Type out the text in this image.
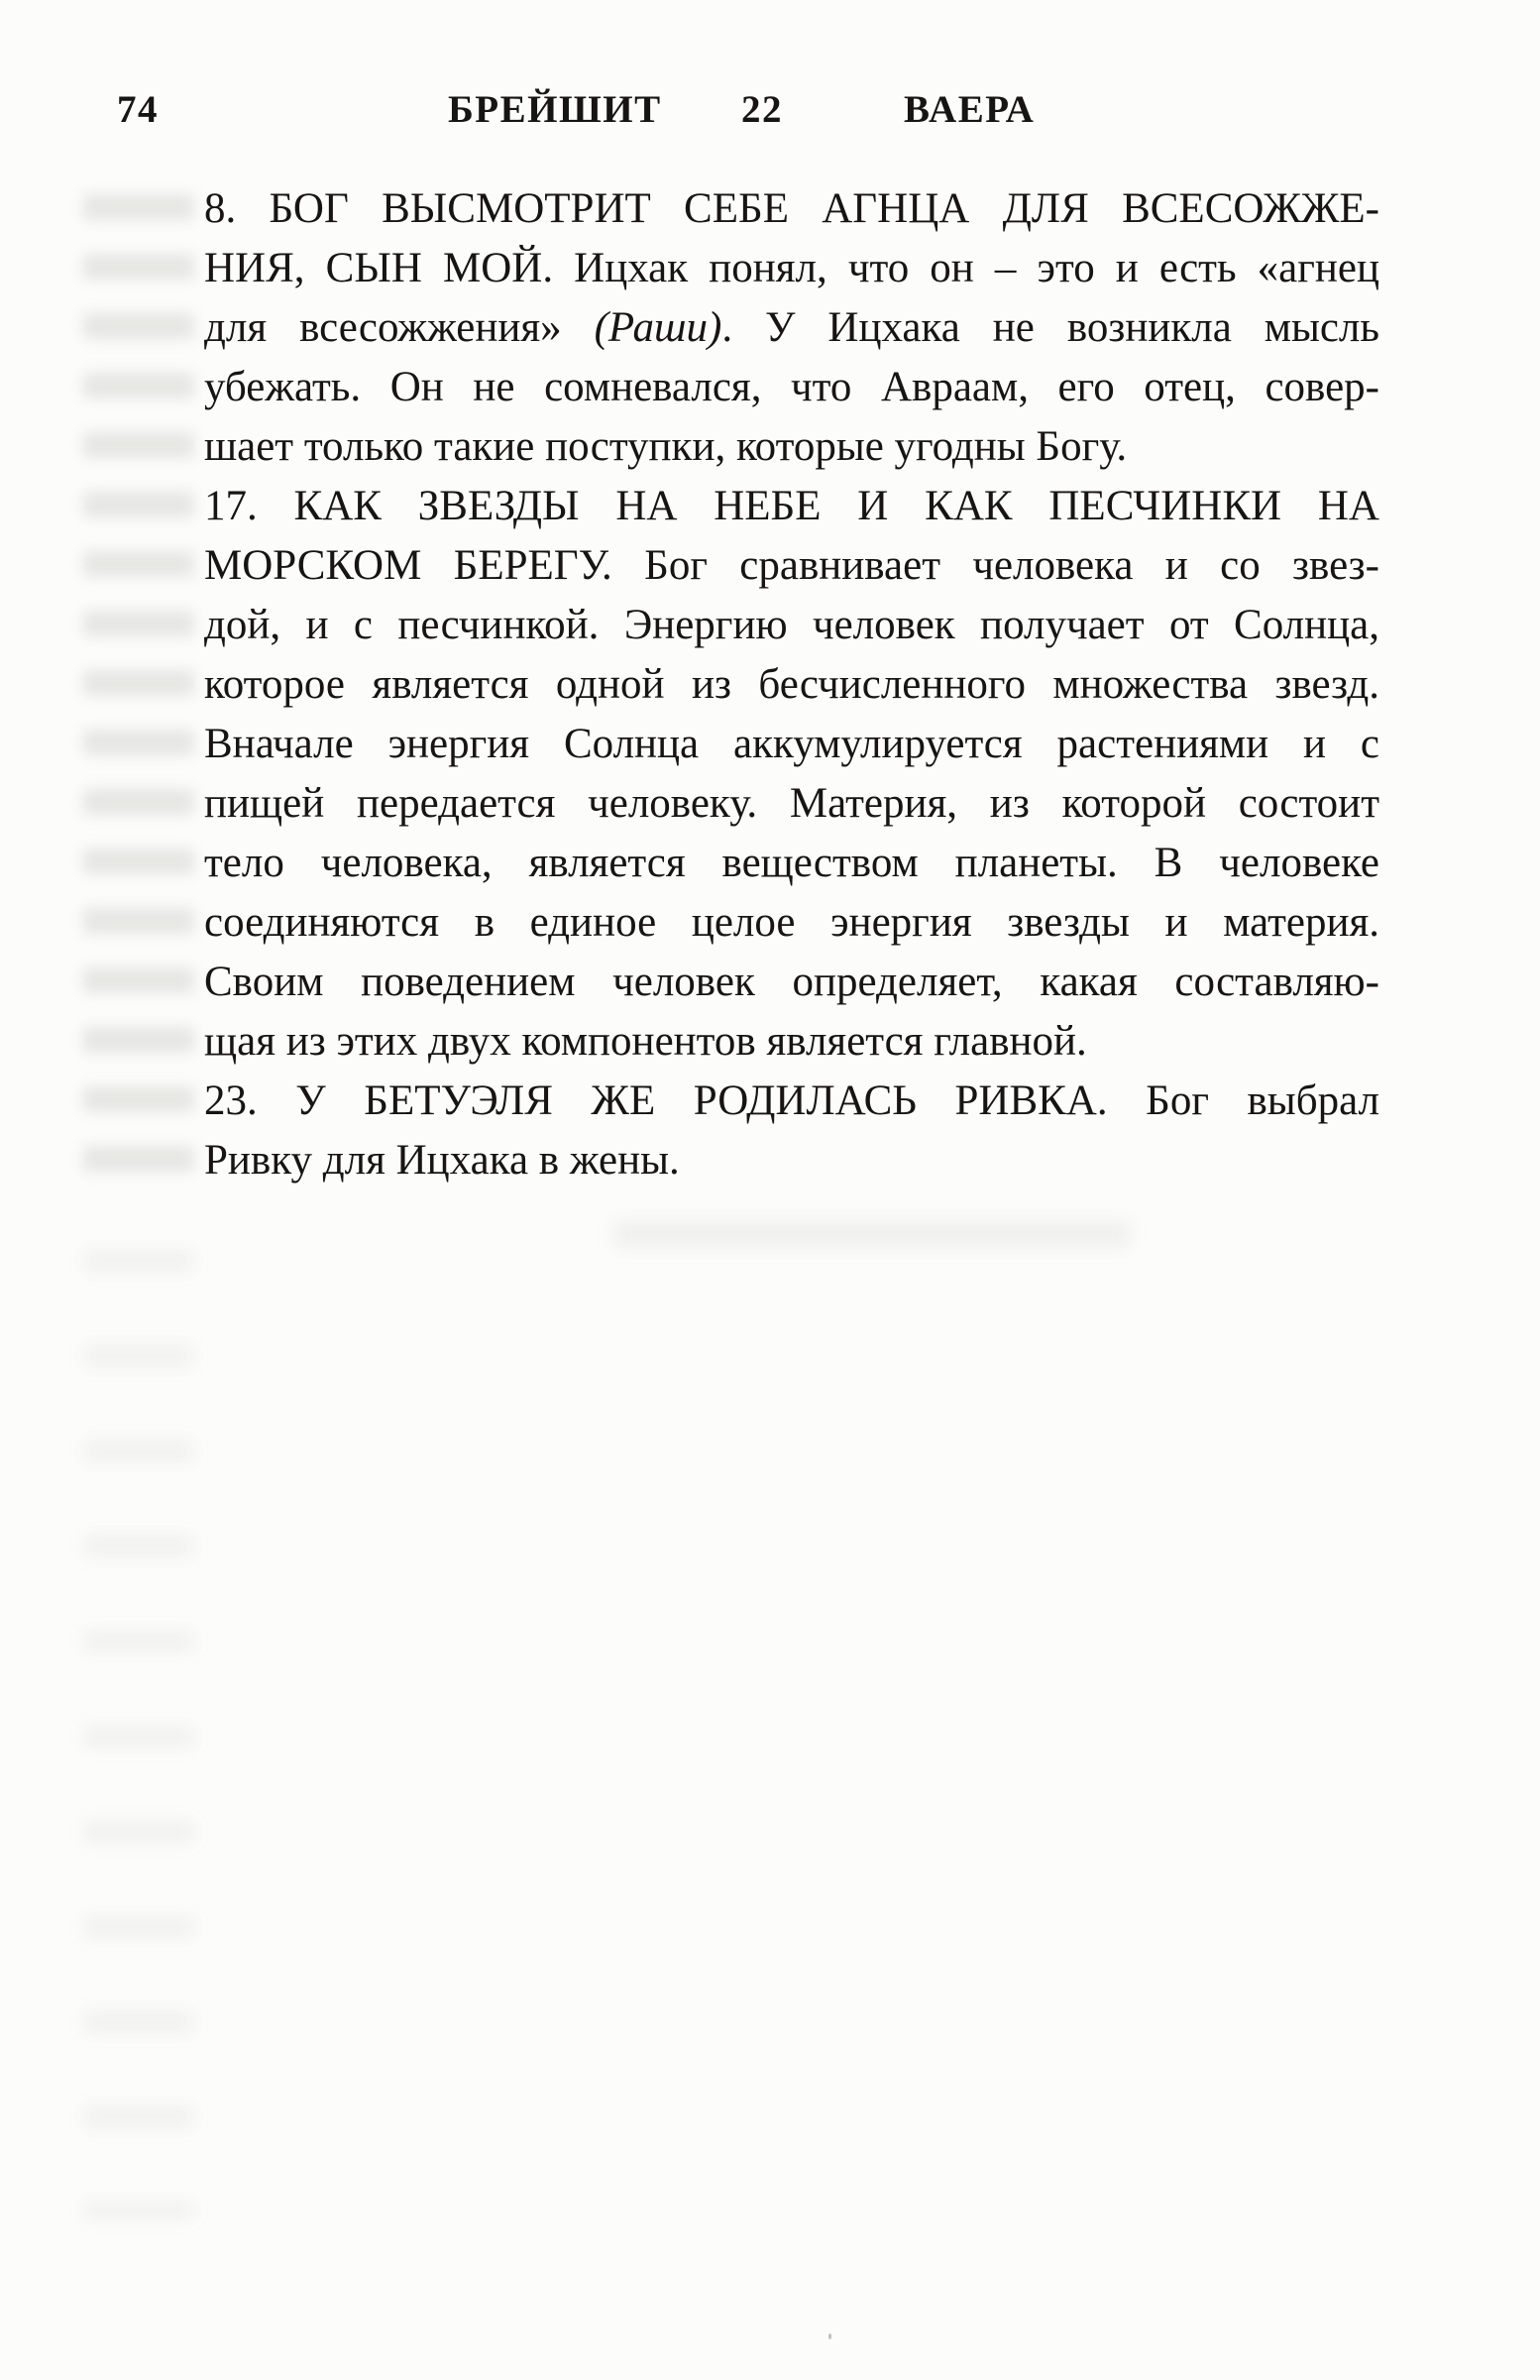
74	БРЕЙШИТ 22	ВАЕРА
8. БОГ ВЫСМОТРИТ СЕБЕ АГНЦА ДЛЯ ВСЕСОЖЖЕ-
НИЯ, СЫН МОЙ. Ицхак понял, что он – это и есть «агнец
для всесожжения» (Раши). У Ицхака не возникла мысль
убежать. Он не сомневался, что Авраам, его отец, совер-
шает только такие поступки, которые угодны Богу.
17. КАК ЗВЕЗДЫ НА НЕБЕ И КАК ПЕСЧИНКИ НА
МОРСКОМ БЕРЕГУ. Бог сравнивает человека и со звез-
дой, и с песчинкой. Энергию человек получает от Солнца,
которое является одной из бесчисленного множества звезд.
Вначале энергия Солнца аккумулируется растениями и с
пищей передается человеку. Материя, из которой состоит
тело человека, является веществом планеты. В человеке
соединяются в единое целое энергия звезды и материя.
Своим поведением человек определяет, какая составляю-
щая из этих двух компонентов является главной.
23. У БЕТУЭЛЯ ЖЕ РОДИЛАСЬ РИВКА. Бог выбрал
Ривку для Ицхака в жены.
